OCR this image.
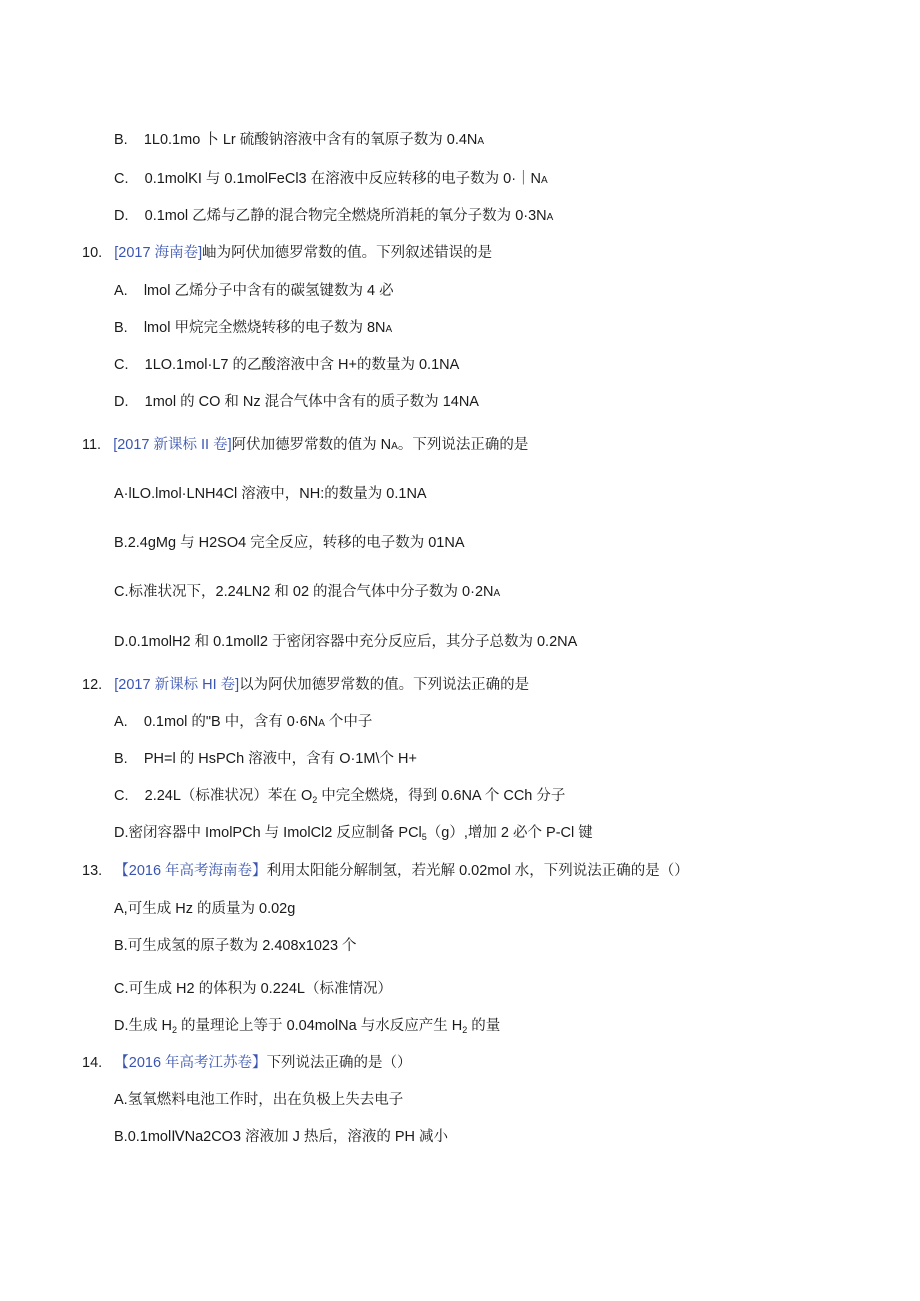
B. 1L0.1mo 卜 Lr 硫酸钠溶液中含有的氧原子数为 0.4NA
C. 0.1molKI 与 0.1molFeCl3 在溶液中反应转移的电子数为 0·｜NA
D. 0.1mol 乙烯与乙静的混合物完全燃烧所消耗的氧分子数为 0·3NA
10. [2017 海南卷]岫为阿伏加德罗常数的值。下列叙述错误的是
A. lmol 乙烯分子中含有的碳氢键数为 4 必
B. lmol 甲烷完全燃烧转移的电子数为 8NA
C. 1LO.1mol·L7 的乙酸溶液中含 H+的数量为 0.1NA
D. 1mol 的 CO 和 Nz 混合气体中含有的质子数为 14NA
11. [2017 新课标 II 卷]阿伏加德罗常数的值为 NA。下列说法正确的是
A·lLO.lmol·LNH4Cl 溶液中，NH:的数量为 0.1NA
B.2.4gMg 与 H2SO4 完全反应，转移的电子数为 01NA
C.标准状况下，2.24LN2 和 02 的混合气体中分子数为 0·2NA
D.0.1molH2 和 0.1moll2 于密闭容器中充分反应后，其分子总数为 0.2NA
12. [2017 新课标 HI 卷]以为阿伏加德罗常数的值。下列说法正确的是
A. 0.1mol 的"B 中，含有 0·6NA 个中子
B. PH=l 的 HsPCh 溶液中，含有 O·1M\个 H+
C. 2.24L（标准状况）苯在 $O_2$ 中完全燃烧，得到 0.6NA 个 CCh 分子
D.密闭容器中 ImolPCh 与 ImolCl2 反应制备 PCl$_5$（g）,增加 2 必个 P-Cl 键
13. 【2016 年高考海南卷】利用太阳能分解制氢，若光解 0.02mol 水，下列说法正确的是（）
A,可生成 Hz 的质量为 0.02g
B.可生成氢的原子数为 2.408x1023 个
C.可生成 H2 的体积为 0.224L（标准情况）
D.生成 $H_2$ 的量理论上等于 0.04molNa 与水反应产生 $H_2$ 的量
14. 【2016 年高考江苏卷】下列说法正确的是（）
A.氢氧燃料电池工作时，出在负极上失去电子
B.0.1molⅣNa2CO3 溶液加 J 热后，溶液的 PH 减小
